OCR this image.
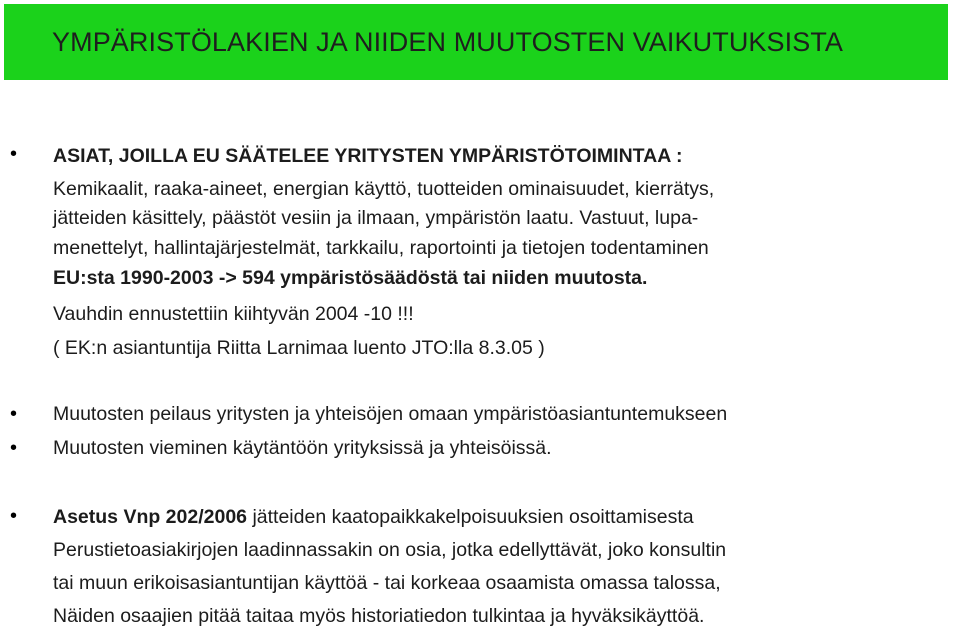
YMPÄRISTÖLAKIEN JA NIIDEN MUUTOSTEN VAIKUTUKSISTA
• ASIAT, JOILLA EU SÄÄTELEE YRITYSTEN YMPÄRISTÖTOIMINTAA :
Kemikaalit, raaka-aineet, energian käyttö, tuotteiden ominaisuudet, kierrätys,
jätteiden käsittely, päästöt vesiin ja ilmaan, ympäristön laatu. Vastuut, lupa-
menettelyt, hallintajärjestelmät, tarkkailu, raportointi ja tietojen todentaminen
EU:sta 1990-2003 -> 594 ympäristösäädöstä tai niiden muutosta.
Vauhdin ennustettiin kiihtyvän 2004 -10 !!!
( EK:n asiantuntija Riitta Larnimaa luento JTO:lla 8.3.05 )
• Muutosten peilaus yritysten ja yhteisöjen omaan ympäristöasiantuntemukseen
• Muutosten vieminen käytäntöön yrityksissä ja yhteisöissä.
• Asetus Vnp 202/2006 jätteiden kaatopaikkakelpoisuuksien osoittamisesta
Perustietoasiakirjojen laadinnassakin on osia, jotka edellyttävät, joko konsultin
tai muun erikoisasiantuntijan käyttöä - tai korkeaa osaamista omassa talossa,
Näiden osaajien pitää taitaa myös historiatiedon tulkintaa ja hyväksikäyttöä.
